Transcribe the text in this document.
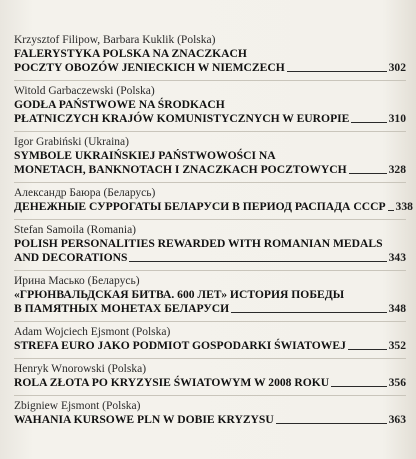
Krzysztof Filipow, Barbara Kuklik (Polska)
FALERYSTYKA POLSKA NA ZNACZKACH
POCZTY OBOZÓW JENIECKICH W NIEMCZECH	302
Witold Garbaczewski (Polska)
GODŁA PAŃSTWOWE NA ŚRODKACH
PŁATNICZYCH KRAJÓW KOMUNISTYCZNYCH W EUROPIE	310
Igor Grabiński (Ukraina)
SYMBOLE UKRAIŃSKIEJ PAŃSTWOWOŚCI NA
MONETACH, BANKNOTACH I ZNACZKACH POCZTOWYCH	328
Александр Баюра (Беларусь)
ДЕНЕЖНЫЕ СУРРОГАТЫ БЕЛАРУСИ В ПЕРИОД РАСПАДА СССР 338
Stefan Samoila (Romania)
POLISH PERSONALITIES REWARDED WITH ROMANIAN MEDALS
AND DECORATIONS	343
Ирина Масько (Беларусь)
«ГРЮНВАЛЬДСКАЯ БИТВА. 600 ЛЕТ» ИСТОРИЯ ПОБЕДЫ
В ПАМЯТНЫХ МОНЕТАХ БЕЛАРУСИ	348
Adam Wojciech Ejsmont (Polska)
STREFA EURO JAKO PODMIOT GOSPODARKI ŚWIATOWEJ	352
Henryk Wnorowski (Polska)
ROLA ZŁOTA PO KRYZYSIE ŚWIATOWYM W 2008 ROKU	356
Zbigniew Ejsmont (Polska)
WAHANIA KURSOWE PLN W DOBIE KRYZYSU	363
